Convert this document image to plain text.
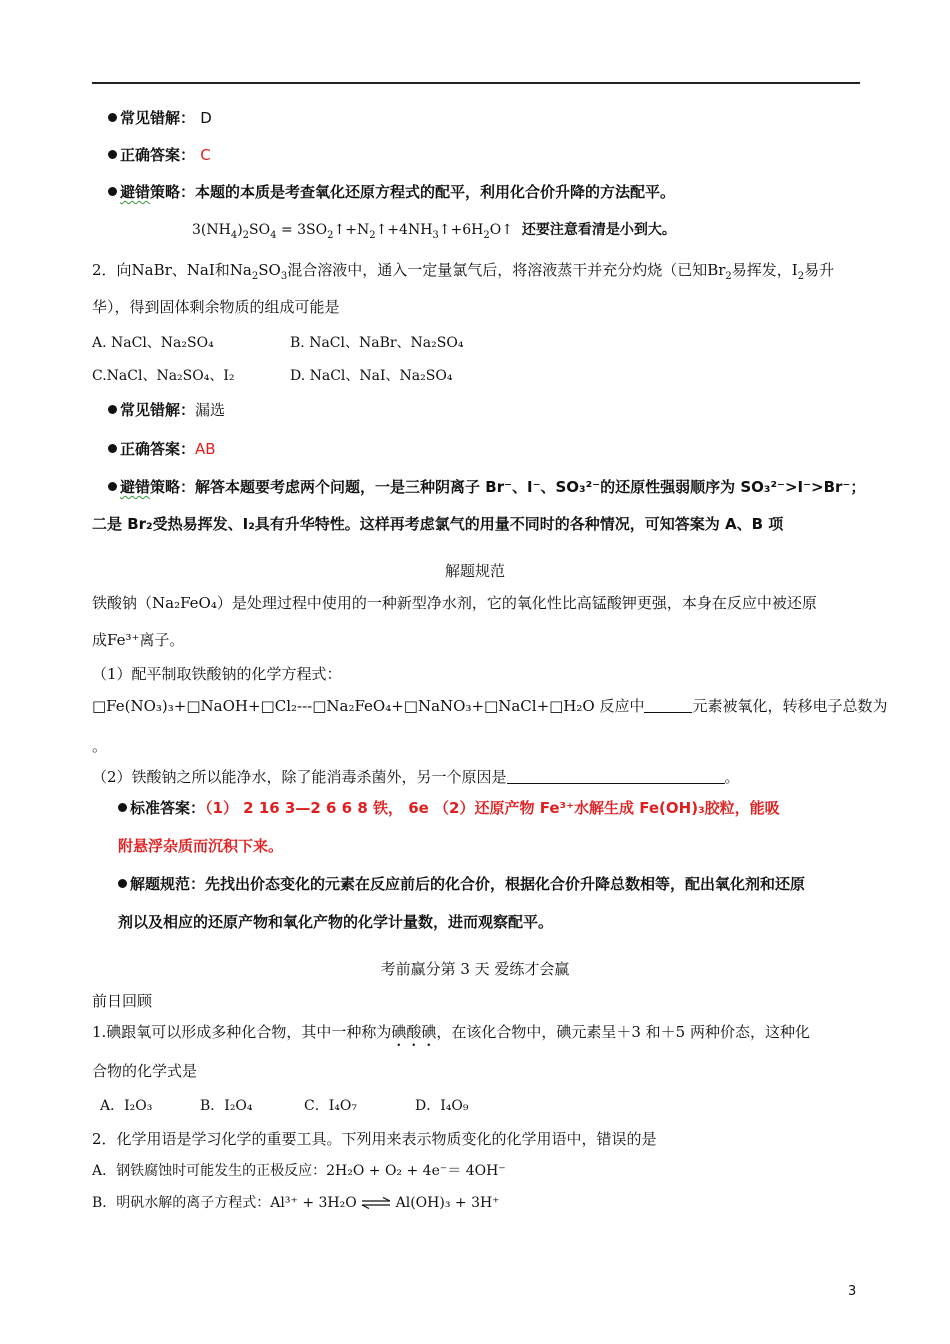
常见错解： D
正确答案： C
避错策略：本题的本质是考查氧化还原方程式的配平，利用化合价升降的方法配平。
$3(NH_4)_2SO_4$ = $3SO_2↑+N_2↑+4NH_3↑+6H_2O↑$  还要注意看清是小到大。
2．向NaBr、NaI和$Na_2SO_3$混合溶液中，通入一定量氯气后，将溶液蒸干并充分灼烧（已知$Br_2$易挥发，$I_2$易升
华），得到固体剩余物质的组成可能是
A. NaCl、Na₂SO₄	B. NaCl、NaBr、Na₂SO₄
C.NaCl、Na₂SO₄、I₂	D. NaCl、NaI、Na₂SO₄
常见错解：漏选
正确答案：AB
避错策略：解答本题要考虑两个问题，一是三种阴离子 Br⁻、I⁻、SO₃²⁻的还原性强弱顺序为 SO₃²⁻>I⁻>Br⁻；
二是 Br₂受热易挥发、I₂具有升华特性。这样再考虑氯气的用量不同时的各种情况，可知答案为 A、B 项
解题规范
铁酸钠（Na₂FeO₄）是处理过程中使用的一种新型净水剂，它的氧化性比高锰酸钾更强，本身在反应中被还原
成Fe³⁺离子。
（1）配平制取铁酸钠的化学方程式：
□Fe(NO₃)₃+□NaOH+□Cl₂---□Na₂FeO₄+□NaNO₃+□NaCl+□H₂O 反应中	元素被氧化，转移电子总数为
。
（2）铁酸钠之所以能净水，除了能消毒杀菌外，另一个原因是	。
标准答案：（1） 2 16 3—2 6 6 8 铁， 6e （2）还原产物 Fe³⁺水解生成 Fe(OH)₃胶粒，能吸
附悬浮杂质而沉积下来。
解题规范：先找出价态变化的元素在反应前后的化合价，根据化合价升降总数相等，配出氧化剂和还原
剂以及相应的还原产物和氧化产物的化学计量数，进而观察配平。
考前赢分第 3 天 爱练才会赢
前日回顾
1.碘跟氧可以形成多种化合物，其中一种称为碘酸碘，在该化合物中，碘元素呈＋3 和＋5 两种价态，这种化
合物的化学式是
A．I₂O₃	B．I₂O₄	C．I₄O₇	D．I₄O₉
2．化学用语是学习化学的重要工具。下列用来表示物质变化的化学用语中，错误的是
A．钢铁腐蚀时可能发生的正极反应：2H₂O + O₂ + 4e⁻＝ 4OH⁻
B．明矾水解的离子方程式：Al³⁺ + 3H₂O ⇌ Al(OH)₃ + 3H⁺
3
